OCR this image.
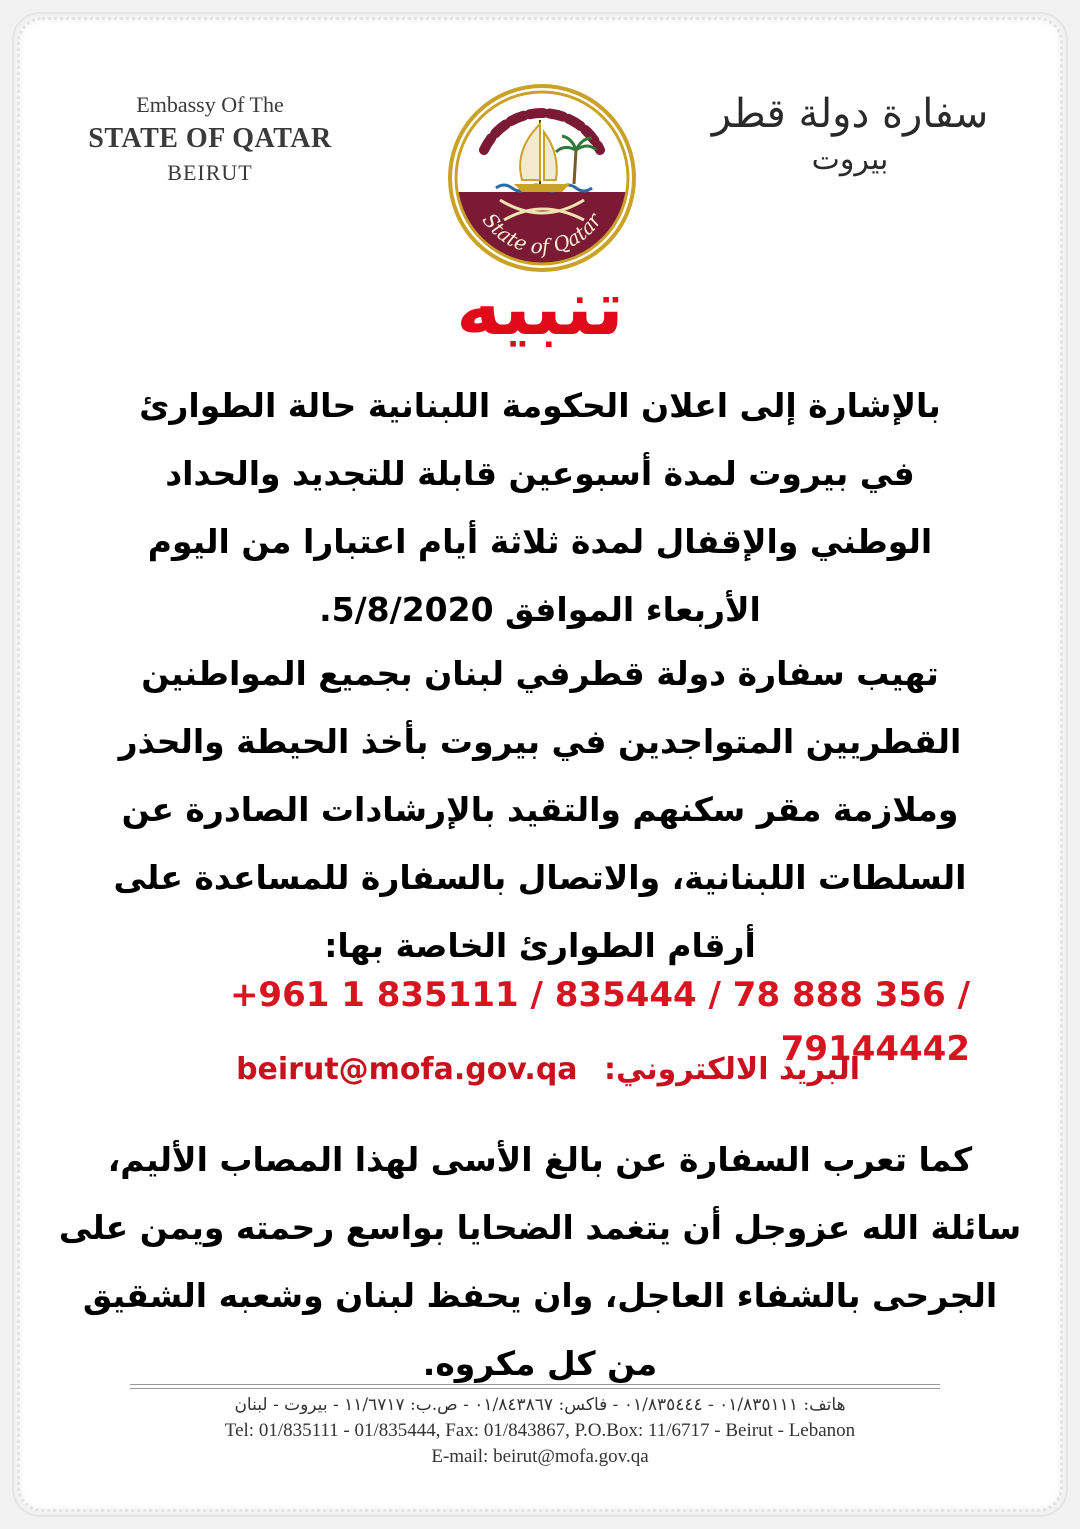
Embassy Of The
STATE OF QATAR
BEIRUT
State of Qatar
سفارة دولة قطر
بيروت
تنبيه
بالإشارة إلى اعلان الحكومة اللبنانية حالة الطوارئ
في بيروت لمدة أسبوعين قابلة للتجديد والحداد
الوطني والإقفال لمدة ثلاثة أيام اعتبارا من اليوم
الأربعاء الموافق 5/8/2020.
تهيب سفارة دولة قطرفي لبنان بجميع المواطنين
القطريين المتواجدين في بيروت بأخذ الحيطة والحذر
وملازمة مقر سكنهم والتقيد بالإرشادات الصادرة عن
السلطات اللبنانية، والاتصال بالسفارة للمساعدة على
أرقام الطوارئ الخاصة بها:
+961 1 835111 / 835444 / 78 888 356 / 79144442
البريد الالكتروني: beirut@mofa.gov.qa
كما تعرب السفارة عن بالغ الأسى لهذا المصاب الأليم،
سائلة الله عزوجل أن يتغمد الضحايا بواسع رحمته ويمن على
الجرحى بالشفاء العاجل، وان يحفظ لبنان وشعبه الشقيق
من كل مكروه.
هاتف: ٠١/٨٣٥١١١ - ٠١/٨٣٥٤٤٤ - فاكس: ٠١/٨٤٣٨٦٧ - ص.ب: ١١/٦٧١٧ - بيروت - لبنان
Tel: 01/835111 - 01/835444, Fax: 01/843867, P.O.Box: 11/6717 - Beirut - Lebanon
E-mail: beirut@mofa.gov.qa
